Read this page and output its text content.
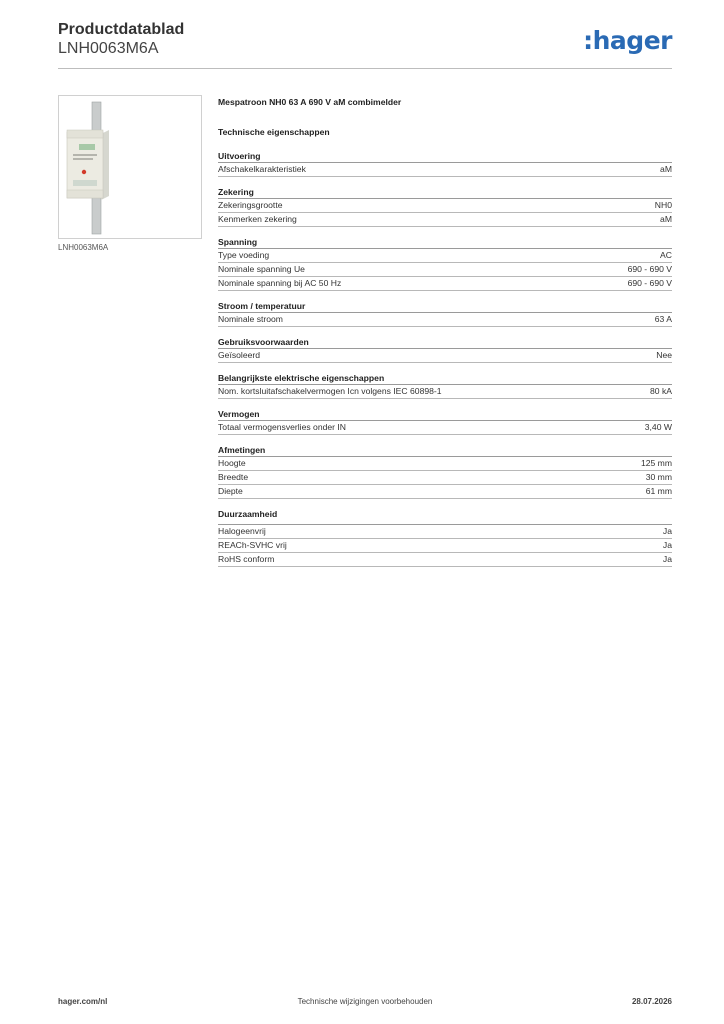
Productdatablad
LNH0063M6A	:hager
LNH0063M6A
Mespatroon NH0 63 A 690 V aM combimelder
Technische eigenschappen
Uitvoering
Afschakelkarakteristiek	aM
Zekering
Zekeringsgrootte	NH0
Kenmerken zekering	aM
Spanning
Type voeding	AC
Nominale spanning Ue	690 - 690 V
Nominale spanning bij AC 50 Hz	690 - 690 V
Stroom / temperatuur
Nominale stroom	63 A
Gebruiksvoorwaarden
Geïsoleerd	Nee
Belangrijkste elektrische eigenschappen
Nom. kortsluitafschakelvermogen Icn volgens IEC 60898-1	80 kA
Vermogen
Totaal vermogensverlies onder IN	3,40 W
Afmetingen
Hoogte	125 mm
Breedte	30 mm
Diepte	61 mm
Duurzaamheid
Halogeenvrij	Ja
REACh-SVHC vrij	Ja
RoHS conform	Ja
hager.com/nl	Technische wijzigingen voorbehouden	28.07.2026
